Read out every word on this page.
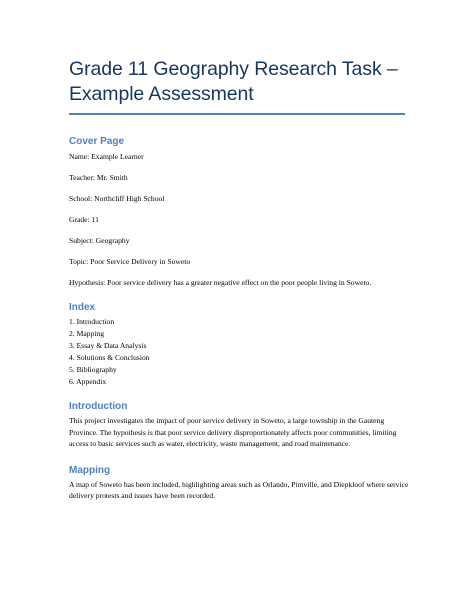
Grade 11 Geography Research Task –
Example Assessment
Cover Page

Name: Example Learner

Teacher: Mr. Smith

School: Northcliff High School

Grade: 11

Subject: Geography

Topic: Poor Service Delivery in Soweto

Hypothesis: Poor service delivery has a greater negative effect on the poor people living in Soweto.

Index
1. Introduction
2. Mapping
3. Essay & Data Analysis
4. Solutions & Conclusion
5. Bibliography
6. Appendix
Introduction

This project investigates the impact of poor service delivery in Soweto, a large township in the Gauteng Province. The hypothesis is that poor service delivery disproportionately affects poor communities, limiting access to basic services such as water, electricity, waste management, and road maintenance.

Mapping

A map of Soweto has been included, highlighting areas such as Orlando, Pimville, and Diepkloof where service delivery protests and issues have been recorded.
